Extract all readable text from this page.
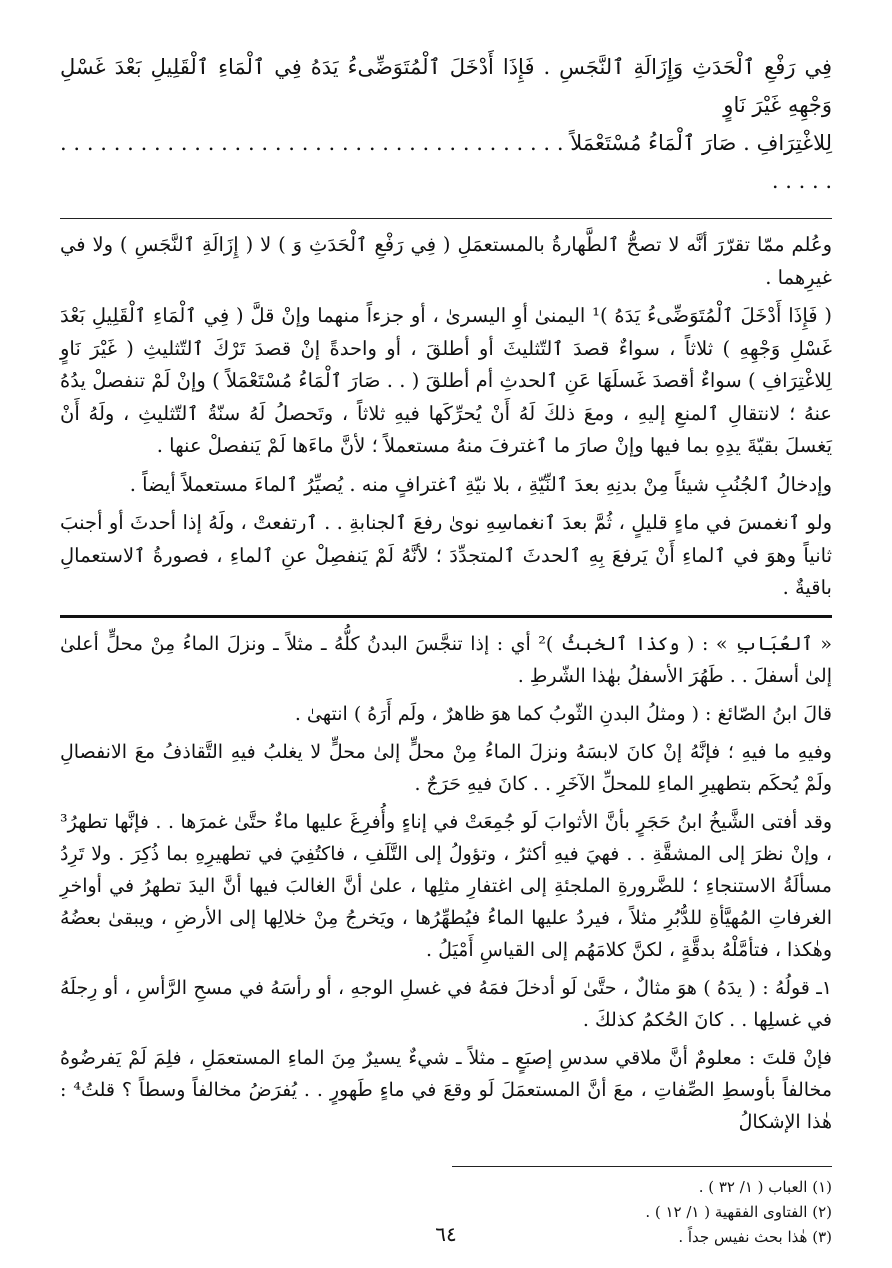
فِي رَفْعِ ٱلْحَدَثِ وَإِزَالَةِ ٱلنَّجَسِ . فَإِذَا أَدْخَلَ ٱلْمُتَوَضِّىءُ يَدَهُ فِي ٱلْمَاءِ ٱلْقَلِيلِ بَعْدَ غَسْلِ وَجْهِهِ غَيْرَ نَاوٍ
لِلاغْتِرَافِ . صَارَ ٱلْمَاءُ مُسْتَعْمَلاً . . . . . . . . . . . . . . . . . . . . . . . . . . . . . . . . . . . . . . . . . . .

وعُلم ممّا تقرّرَ أنَّه لا تصحُّ ٱلطَّهارةُ بالمستعمَلِ ( فِي رَفْعِ ٱلْحَدَثِ وَ ) لا ( إِزَالَةِ ٱلنَّجَسِ ) ولا في غيرِهما .

( فَإِذَا أَدْخَلَ ٱلْمُتَوَضِّىءُ يَدَهُ )¹ اليمنىٰ أوِ اليسرىٰ ، أو جزءاً منهما وإنْ قلَّ ( فِي ٱلْمَاءِ ٱلْقَلِيلِ بَعْدَ غَسْلِ وَجْهِهِ ) ثلاثاً ، سواءٌ قصدَ ٱلتّثليثَ أو أطلقَ ، أو واحدةً إنْ قصدَ تَرْكَ ٱلتّثليثِ ( غَيْرَ نَاوٍ لِلاغْتِرَافِ ) سواءٌ أقصدَ غَسلَهَا عَنِ ٱلحدثِ أم أطلقَ ( . . صَارَ ٱلْمَاءُ مُسْتَعْمَلاً ) وإنْ لَمْ تنفصلْ يدُهُ عنهُ ؛ لانتقالِ ٱلمنعِ إليهِ ، ومعَ ذلكَ لَهُ أَنْ يُحرِّكَها فيهِ ثلاثاً ، وتَحصلُ لَهُ سنّةُ ٱلتّثليثِ ، ولَهُ أَنْ يَغسلَ بقيّةَ يدِهِ بما فيها وإنْ صارَ ما ٱغترفَ منهُ مستعملاً ؛ لأنَّ ماءَها لَمْ يَنفصلْ عنها .

وإدخالُ ٱلجُنُبِ شيئاً مِنْ بدنِهِ بعدَ ٱلنِّيّةِ ، بلا نيّةِ ٱغترافٍ منه . يُصيِّرُ ٱلماءَ مستعملاً أيضاً .

ولو ٱنغمسَ في ماءٍ قليلٍ ، ثُمَّ بعدَ ٱنغماسِهِ نوىٰ رفعَ ٱلجنابةِ . . ٱرتفعتْ ، ولَهُ إذا أحدثَ أو أجنبَ ثانياً وهوَ في ٱلماءِ أَنْ يَرفعَ بِهِ ٱلحدثَ ٱلمتجدِّدَ ؛ لأنَّهُ لَمْ يَنفصِلْ عنِ ٱلماءِ ، فصورةُ ٱلاستعمالِ باقيةٌ .

« ٱلعُبَابِ » : ( وكذا ٱلخبثُ )² أي : إذا تنجَّسَ البدنُ كلُّهُ ـ مثلاً ـ ونزلَ الماءُ مِنْ محلٍّ أعلىٰ إلىٰ أسفلَ . . طَهُرَ الأسفلُ بهٰذا الشّرطِ .

قالَ ابنُ الصّائغ : ( ومثلُ البدنِ الثّوبُ كما هوَ ظاهرٌ ، ولَم أَرَهُ ) انتهىٰ .

وفيهِ ما فيهِ ؛ فإنَّهُ إنْ كانَ لابسَهُ ونزلَ الماءُ مِنْ محلٍّ إلىٰ محلٍّ لا يغلبُ فيهِ التَّقاذفُ معَ الانفصالِ ولَمْ يُحكَم بتطهيرِ الماءِ للمحلِّ الآخَرِ . . كانَ فيهِ حَرَجٌ .

وقد أفتى الشَّيخُ ابنُ حَجَرٍ بأنَّ الأثوابَ لَو جُمِعَتْ في إناءٍ وأُفرِغَ عليها ماءٌ حتَّىٰ غمرَها . . فإنَّها تطهرُ³ ، وإنْ نظرَ إلى المشقَّةِ . . فهيَ فيهِ أكثرُ ، وتؤولُ إلى التَّلَفِ ، فاكتُفِيَ في تطهيرِهِ بما ذُكِرَ . ولا تَرِدُ مسألَةُ الاستنجاءِ ؛ للضَّرورةِ الملجئةِ إلى اغتفارِ مثلِها ، علىٰ أنَّ الغالبَ فيها أنَّ اليدَ تطهرُ في أواخرِ الغرفاتِ المُهيَّأةِ للدُّبُرِ مثلاً ، فيردُ عليها الماءُ فيُطهِّرُها ، ويَخرجُ مِنْ خلالِها إلى الأرضِ ، ويبقىٰ بعضُهُ وهٰكذا ، فتأمَّلْهُ بدقَّةٍ ، لكنَّ كلامَهُم إلى القياسِ أَمْيَلُ .

١ـ قولُهُ : ( يدَهُ ) هوَ مثالٌ ، حتَّىٰ لَو أدخلَ فمَهُ في غسلِ الوجهِ ، أو رأسَهُ في مسحِ الرَّأسِ ، أو رِجلَهُ في غسلِها . . كانَ الحُكمُ كذلكَ .

فإنْ قلتَ : معلومٌ أنَّ ملاقي سدسِ إصبَعٍ ـ مثلاً ـ شيءٌ يسيرٌ مِنَ الماءِ المستعمَلِ ، فلِمَ لَمْ يَفرضُوهُ مخالفاً بأوسطِ الصِّفاتِ ، معَ أنَّ المستعمَلَ لَو وقعَ في ماءٍ طَهورٍ . . يُفرَضُ مخالفاً وسطاً ؟ قلتُ⁴ : هٰذا الإشكالُ

(١) العباب ( ١/ ٣٢ ) .
(٢) الفتاوى الفقهية ( ١/ ١٢ ) .
(٣) هٰذا بحث نفيس جداً .
٦٤
